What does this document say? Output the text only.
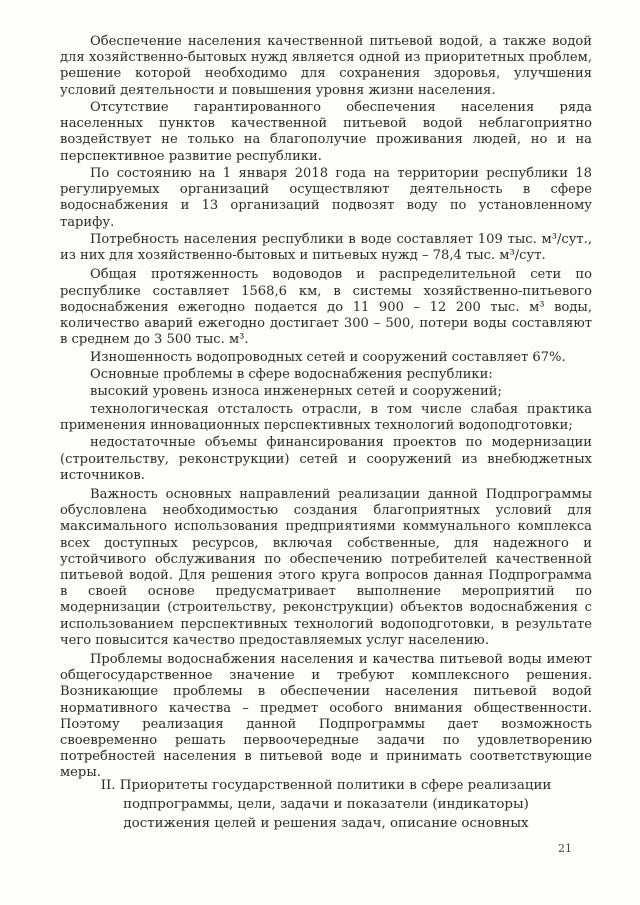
Обеспечение населения качественной питьевой водой, а также водой для хозяйственно-бытовых нужд является одной из приоритетных проблем, решение которой необходимо для сохранения здоровья, улучшения условий деятельности и повышения уровня жизни населения.

Отсутствие гарантированного обеспечения населения ряда населенных пунктов качественной питьевой водой неблагоприятно воздействует не только на благополучие проживания людей, но и на перспективное развитие республики.

По состоянию на 1 января 2018 года на территории республики 18 регулируемых организаций осуществляют деятельность в сфере водоснабжения и 13 организаций подвозят воду по установленному тарифу.

Потребность населения республики в воде составляет 109 тыс. м³/сут., из них для хозяйственно-бытовых и питьевых нужд – 78,4 тыс. м³/сут.

Общая протяженность водоводов и распределительной сети по республике составляет 1568,6 км, в системы хозяйственно-питьевого водоснабжения ежегодно подается до 11 900 – 12 200 тыс. м³ воды, количество аварий ежегодно достигает 300 – 500, потери воды составляют в среднем до 3 500 тыс. м³.

Изношенность водопроводных сетей и сооружений составляет 67%.

Основные проблемы в сфере водоснабжения республики:

высокий уровень износа инженерных сетей и сооружений;

технологическая отсталость отрасли, в том числе слабая практика применения инновационных перспективных технологий водоподготовки;

недостаточные объемы финансирования проектов по модернизации (строительству, реконструкции) сетей и сооружений из внебюджетных источников.

Важность основных направлений реализации данной Подпрограммы обусловлена необходимостью создания благоприятных условий для максимального использования предприятиями коммунального комплекса всех доступных ресурсов, включая собственные, для надежного и устойчивого обслуживания по обеспечению потребителей качественной питьевой водой. Для решения этого круга вопросов данная Подпрограмма в своей основе предусматривает выполнение мероприятий по модернизации (строительству, реконструкции) объектов водоснабжения с использованием перспективных технологий водоподготовки, в результате чего повысится качество предоставляемых услуг населению.

Проблемы водоснабжения населения и качества питьевой воды имеют общегосударственное значение и требуют комплексного решения. Возникающие проблемы в обеспечении населения питьевой водой нормативного качества – предмет особого внимания общественности. Поэтому реализация данной Подпрограммы дает возможность своевременно решать первоочередные задачи по удовлетворению потребностей населения в питьевой воде и принимать соответствующие меры.

II. Приоритеты государственной политики в сфере реализации
подпрограммы, цели, задачи и показатели (индикаторы)
достижения целей и решения задач, описание основных
21
